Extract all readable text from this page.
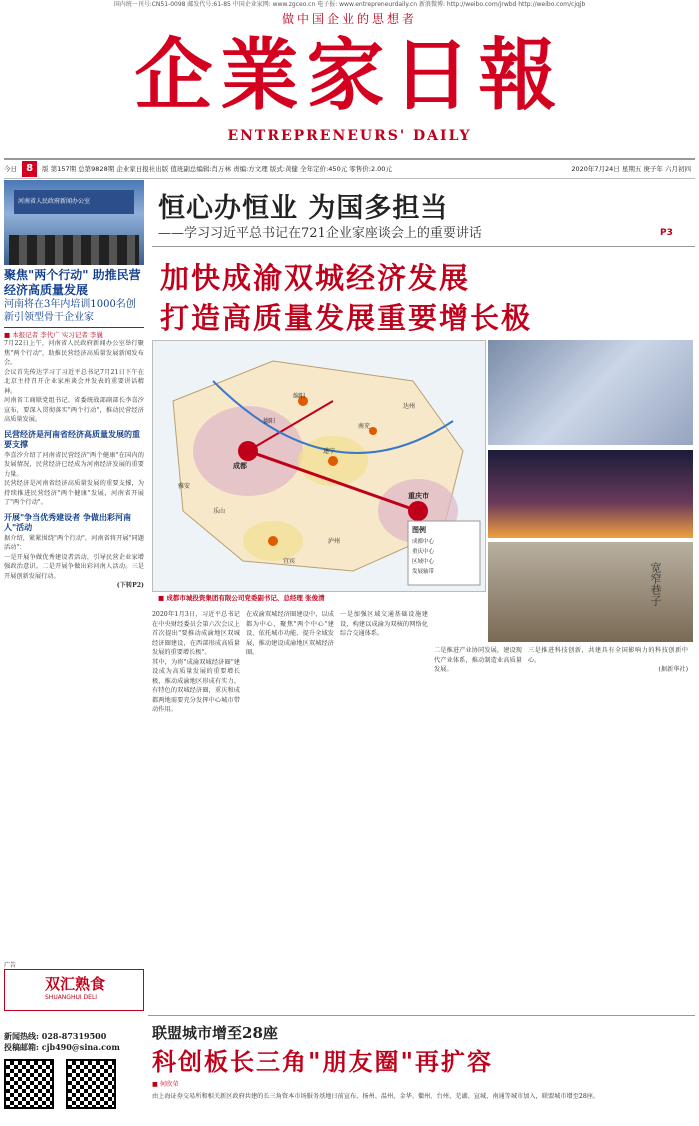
国内统一刊号:CN51-0098 邮发代号:61-85 中国企业家网: www.zgceo.cn 电子报: www.entrepreneurdaily.cn 新浪微博: http://weibo.com/jrwbd http://weibo.com/cjqjb
做中国企业的思想者
企業家日報
ENTREPRENEURS' DAILY
今日 8 版 第157期 总第9828期 企业家日报社出版 值班副总编辑:肖万林 责编:方文理 版式:黄健 全年定价:450元 零售价:2.00元	2020年7月24日 星期五 庚子年 六月初四
河南省人民政府新闻办公室
聚焦"两个行动" 助推民营经济高质量发展
河南将在3年内培训1000名创新引领型骨干企业家
■ 本报记者 李代广 实习记者 李曩
7月22日上午，河南省人民政府新闻办公室举行聚焦"两个行动"，助推民营经济高质量发展新闻发布会。
会议首先传达学习了习近平总书记7月21日下午在北京主持召开企业家座谈会并发表的重要讲话精神。
河南省工商联党组书记、省委统战部副部长李喜汐宣布，要深入贯彻落实"两个行动"，推动民营经济高质量发展。
民营经济是河南省经济高质量发展的重要支撑
李喜汐介绍了河南省民营经济"两个健康"在国内的发展情况，民营经济已经成为河南经济发展的重要力量。
民营经济是河南省经济高质量发展的重要支撑，为持续推进民营经济"两个健康"发展，河南省开展了"两个行动"。
开展"争当优秀建设者 争做出彩河南人"活动
据介绍，紧紧围绕"两个行动"，河南省将开展"同题活动"：
一是开展争做优秀建设者活动，引导民营企业家增强政治意识。二是开展争做出彩河南人活动。三是开展创新发展行动。
(下转P2)
广告
双汇熟食
SHUANGHUI DELI
新闻热线: 028-87319500
投稿邮箱: cjb490@sina.com
恒心办恒业 为国多担当
——学习习近平总书记在721企业家座谈会上的重要讲话	P3
加快成渝双城经济发展
打造高质量发展重要增长极
图例
成都中心
重庆中心
区域中心
发展轴带
绵阳
德阳
成都
遂宁
南充
达州
重庆市
宜宾
泸州
乐山
雅安
■ 成都市城投资集团有限公司党委副书记、总经理 张俊清	宽窄巷子
2020年1月3日，习近平总书记在中央财经委员会第六次会议上首次提出"要推动成渝地区双城经济圈建设，在西部形成高质量发展的重要增长极"。
其中，为将"成渝双城经济圈"建设成为高质量发展的重要增长极，推动成渝地区形成有实力、有特色的双城经济圈，重庆和成都两地需要充分发挥中心城市带动作用。
在成渝双城经济圈建设中，以成都为中心，聚焦"两个中心"建设、依托城市功能、提升全域发展，推动建设成渝地区双城经济圈。
一是加强区域交通基础设施建设，构建以成渝为双核的网络化综合交通体系。
二是推进产业协同发展，建设现代产业体系，推动制造业高质量发展。
三是推进科技创新，共建具有全国影响力的科技创新中心。
(据新华社)
联盟城市增至28座
科创板长三角"朋友圈"再扩容
■ 何欣荣
由上海证券交易所和相关新区政府共建的长三角资本市场服务基地日前宣布，扬州、温州、金华、衢州、台州、芜湖、宣城、南通等城市加入，联盟城市增至28座。
